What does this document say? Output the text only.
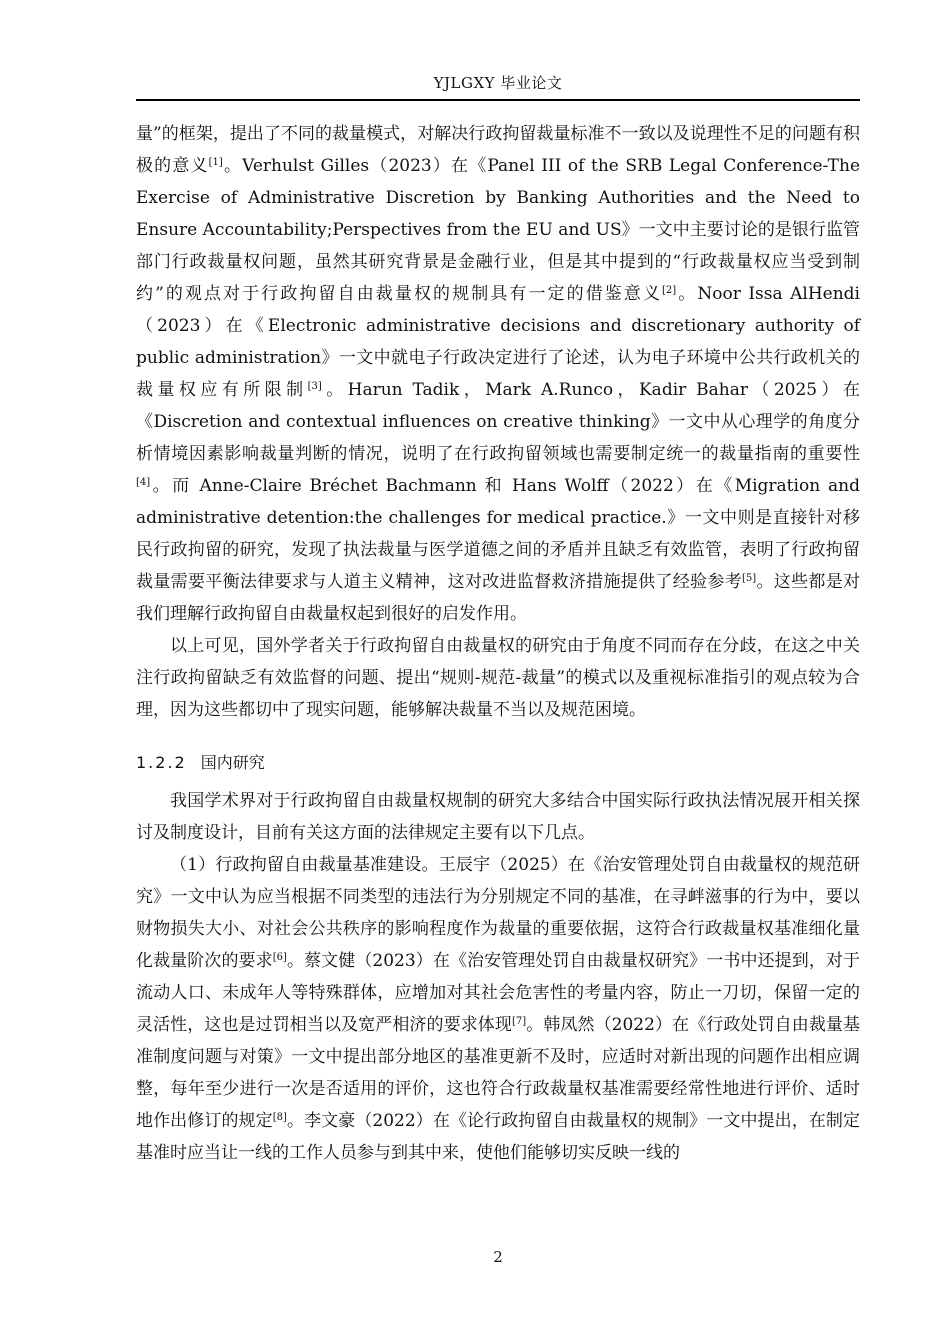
YJLGXY 毕业论文

量”的框架，提出了不同的裁量模式，对解决行政拘留裁量标准不一致以及说理性不足的问题有积极的意义[1]。Verhulst Gilles（2023）在《Panel III of the SRB Legal Conference-The Exercise of Administrative Discretion by Banking Authorities and the Need to Ensure Accountability;Perspectives from the EU and US》一文中主要讨论的是银行监管部门行政裁量权问题，虽然其研究背景是金融行业，但是其中提到的“行政裁量权应当受到制约”的观点对于行政拘留自由裁量权的规制具有一定的借鉴意义[2]。Noor Issa AlHendi（2023）在《Electronic administrative decisions and discretionary authority of public administration》一文中就电子行政决定进行了论述，认为电子环境中公共行政机关的裁量权应有所限制[3]。Harun Tadik，Mark A.Runco，Kadir Bahar（2025）在《Discretion and contextual influences on creative thinking》一文中从心理学的角度分析情境因素影响裁量判断的情况，说明了在行政拘留领域也需要制定统一的裁量指南的重要性[4]。而 Anne-Claire Bréchet Bachmann 和 Hans Wolff（2022）在《Migration and administrative detention:the challenges for medical practice.》一文中则是直接针对移民行政拘留的研究，发现了执法裁量与医学道德之间的矛盾并且缺乏有效监管，表明了行政拘留裁量需要平衡法律要求与人道主义精神，这对改进监督救济措施提供了经验参考[5]。这些都是对我们理解行政拘留自由裁量权起到很好的启发作用。

以上可见，国外学者关于行政拘留自由裁量权的研究由于角度不同而存在分歧，在这之中关注行政拘留缺乏有效监督的问题、提出“规则-规范-裁量”的模式以及重视标准指引的观点较为合理，因为这些都切中了现实问题，能够解决裁量不当以及规范困境。

1.2.2 国内研究

我国学术界对于行政拘留自由裁量权规制的研究大多结合中国实际行政执法情况展开相关探讨及制度设计，目前有关这方面的法律规定主要有以下几点。

（1）行政拘留自由裁量基准建设。王辰宇（2025）在《治安管理处罚自由裁量权的规范研究》一文中认为应当根据不同类型的违法行为分别规定不同的基准，在寻衅滋事的行为中，要以财物损失大小、对社会公共秩序的影响程度作为裁量的重要依据，这符合行政裁量权基准细化量化裁量阶次的要求[6]。蔡文健（2023）在《治安管理处罚自由裁量权研究》一书中还提到，对于流动人口、未成年人等特殊群体，应增加对其社会危害性的考量内容，防止一刀切，保留一定的灵活性，这也是过罚相当以及宽严相济的要求体现[7]。韩凤然（2022）在《行政处罚自由裁量基准制度问题与对策》一文中提出部分地区的基准更新不及时，应适时对新出现的问题作出相应调整，每年至少进行一次是否适用的评价，这也符合行政裁量权基准需要经常性地进行评价、适时地作出修订的规定[8]。李文豪（2022）在《论行政拘留自由裁量权的规制》一文中提出，在制定基准时应当让一线的工作人员参与到其中来，使他们能够切实反映一线的

2
